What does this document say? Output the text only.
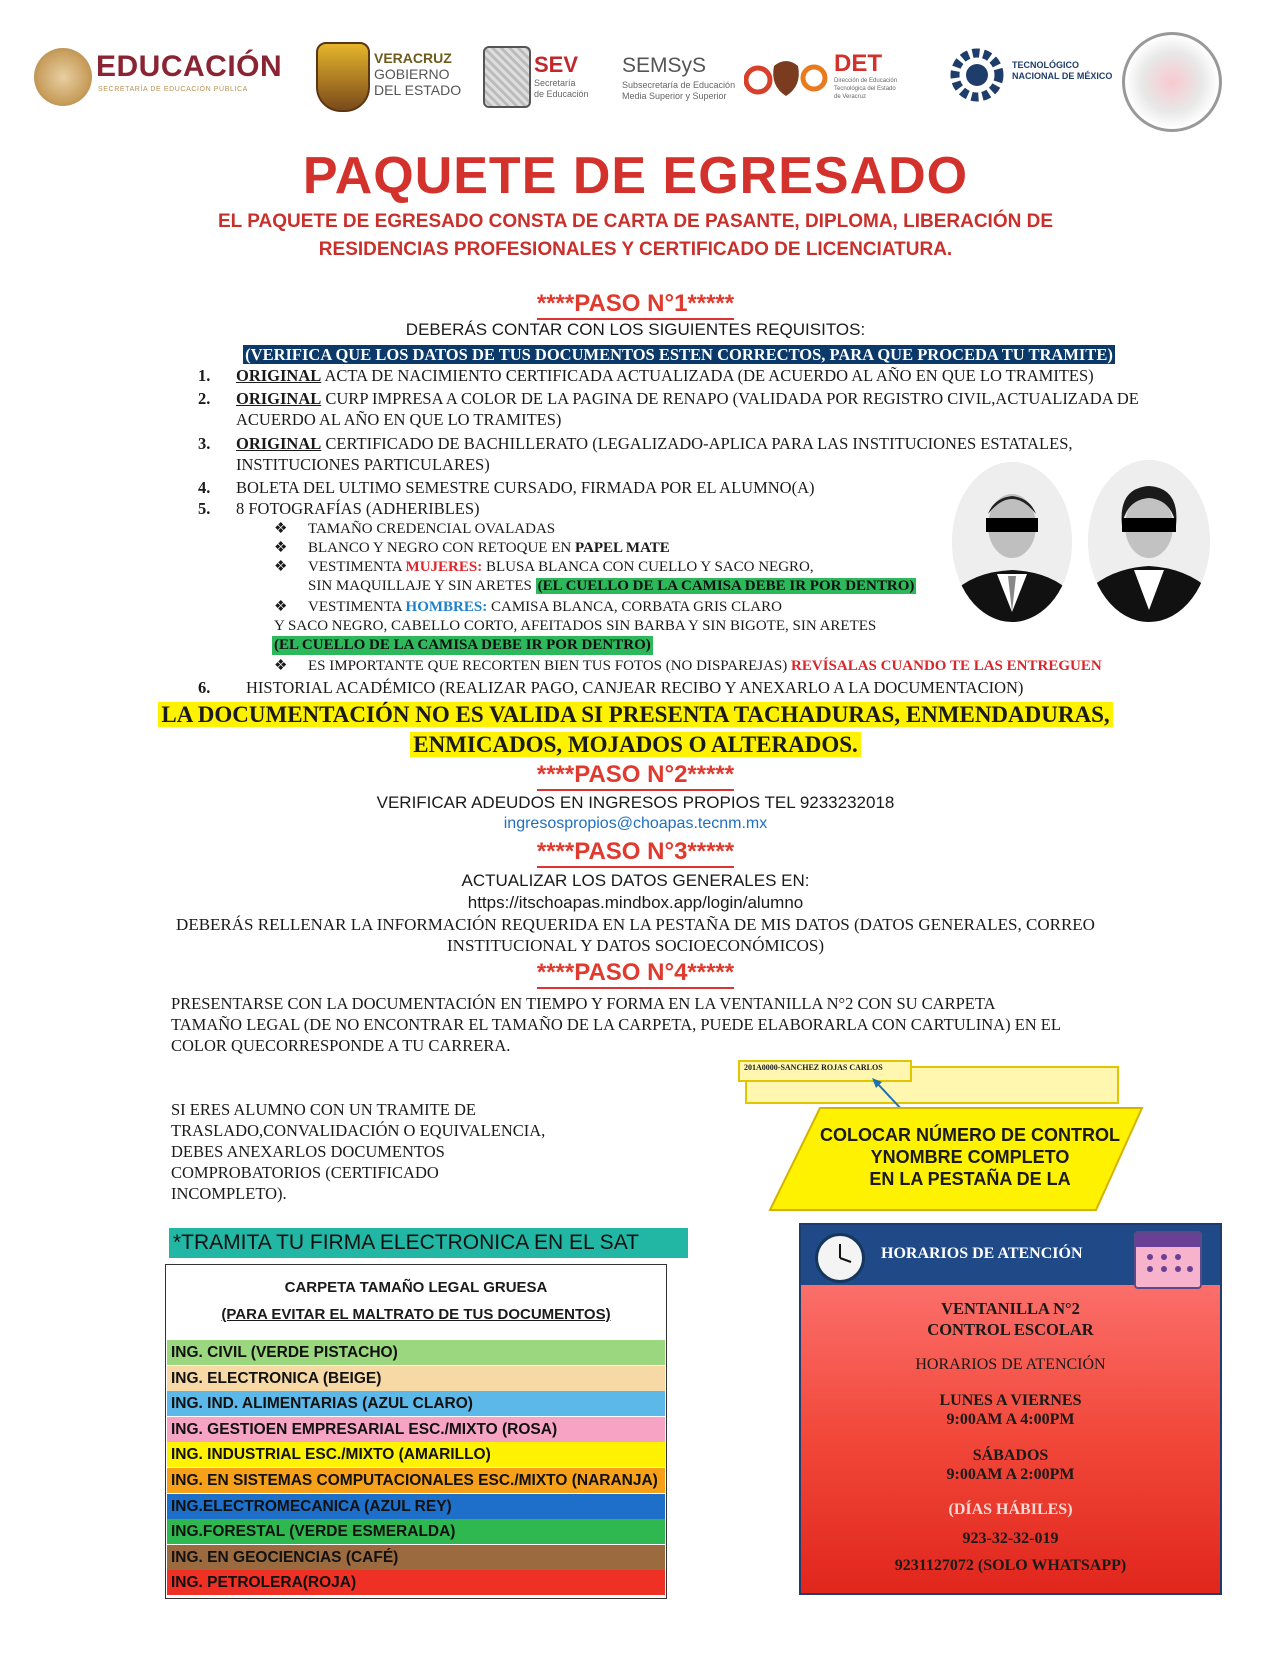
EDUCACIÓN
SECRETARÍA DE EDUCACIÓN PÚBLICA
VERACRUZ
GOBIERNO
DEL ESTADO
SEV
Secretaría
de Educación
SEMSyS
Subsecretaría de Educación
Media Superior y Superior
DET
Dirección de Educación
Tecnológica del Estado
de Veracruz
TECNOLÓGICO
NACIONAL DE MÉXICO
PAQUETE DE EGRESADO
EL PAQUETE DE EGRESADO CONSTA DE CARTA DE PASANTE, DIPLOMA, LIBERACIÓN DE
RESIDENCIAS PROFESIONALES Y CERTIFICADO DE LICENCIATURA.
****PASO N°1*****
DEBERÁS CONTAR CON LOS SIGUIENTES REQUISITOS:
(VERIFICA QUE LOS DATOS DE TUS DOCUMENTOS ESTEN CORRECTOS, PARA QUE PROCEDA TU TRAMITE)
1.	ORIGINAL ACTA DE NACIMIENTO CERTIFICADA ACTUALIZADA (DE ACUERDO AL AÑO EN QUE LO TRAMITES)
2.	ORIGINAL CURP IMPRESA A COLOR DE LA PAGINA DE RENAPO (VALIDADA POR REGISTRO CIVIL,ACTUALIZADA DE
ACUERDO AL AÑO EN QUE LO TRAMITES)
3.	ORIGINAL CERTIFICADO DE BACHILLERATO (LEGALIZADO-APLICA PARA LAS INSTITUCIONES ESTATALES,
INSTITUCIONES PARTICULARES)
4.	BOLETA DEL ULTIMO SEMESTRE CURSADO, FIRMADA POR EL ALUMNO(A)
5.	8 FOTOGRAFÍAS (ADHERIBLES)
❖ TAMAÑO CREDENCIAL OVALADAS
❖ BLANCO Y NEGRO CON RETOQUE EN PAPEL MATE
❖ VESTIMENTA MUJERES: BLUSA BLANCA CON CUELLO Y SACO NEGRO,
SIN MAQUILLAJE Y SIN ARETES (EL CUELLO DE LA CAMISA DEBE IR POR DENTRO)
❖ VESTIMENTA HOMBRES: CAMISA BLANCA, CORBATA GRIS CLARO
Y SACO NEGRO, CABELLO CORTO, AFEITADOS SIN BARBA Y SIN BIGOTE, SIN ARETES
(EL CUELLO DE LA CAMISA DEBE IR POR DENTRO)
❖ ES IMPORTANTE QUE RECORTEN BIEN TUS FOTOS (NO DISPAREJAS) REVÍSALAS CUANDO TE LAS ENTREGUEN
6.	HISTORIAL ACADÉMICO (REALIZAR PAGO, CANJEAR RECIBO Y ANEXARLO A LA DOCUMENTACION)
LA DOCUMENTACIÓN NO ES VALIDA SI PRESENTA TACHADURAS, ENMENDADURAS,
ENMICADOS, MOJADOS O ALTERADOS.
****PASO N°2*****
VERIFICAR ADEUDOS EN INGRESOS PROPIOS TEL 9233232018
ingresospropios@choapas.tecnm.mx
****PASO N°3*****
ACTUALIZAR LOS DATOS GENERALES EN:
https://itschoapas.mindbox.app/login/alumno
DEBERÁS RELLENAR LA INFORMACIÓN REQUERIDA EN LA PESTAÑA DE MIS DATOS (DATOS GENERALES, CORREO
INSTITUCIONAL Y DATOS SOCIOECONÓMICOS)
****PASO N°4*****
PRESENTARSE CON LA DOCUMENTACIÓN EN TIEMPO Y FORMA EN LA VENTANILLA N°2 CON SU CARPETA
TAMAÑO LEGAL (DE NO ENCONTRAR EL TAMAÑO DE LA CARPETA, PUEDE ELABORARLA CON CARTULINA) EN EL
COLOR QUECORRESPONDE A TU CARRERA.
SI ERES ALUMNO CON UN TRAMITE DE
TRASLADO,CONVALIDACIÓN O EQUIVALENCIA,
DEBES ANEXARLOS DOCUMENTOS
COMPROBATORIOS (CERTIFICADO
INCOMPLETO).
201A0000-SANCHEZ ROJAS CARLOS
COLOCAR NÚMERO DE CONTROL
YNOMBRE COMPLETO
EN LA PESTAÑA DE LA
*TRAMITA TU FIRMA ELECTRONICA EN EL SAT
CARPETA TAMAÑO LEGAL GRUESA
(PARA EVITAR EL MALTRATO DE TUS DOCUMENTOS)
ING. CIVIL (VERDE PISTACHO)
ING. ELECTRONICA (BEIGE)
ING. IND. ALIMENTARIAS (AZUL CLARO)
ING. GESTIOEN EMPRESARIAL ESC./MIXTO (ROSA)
ING. INDUSTRIAL ESC./MIXTO (AMARILLO)
ING. EN SISTEMAS COMPUTACIONALES ESC./MIXTO (NARANJA)
ING.ELECTROMECANICA (AZUL REY)
ING.FORESTAL (VERDE ESMERALDA)
ING. EN GEOCIENCIAS (CAFÉ)
ING. PETROLERA(ROJA)
HORARIOS DE ATENCIÓN
VENTANILLA N°2
CONTROL ESCOLAR
HORARIOS DE ATENCIÓN
LUNES A VIERNES
9:00AM A 4:00PM
SÁBADOS
9:00AM A 2:00PM
(DÍAS HÁBILES)
923-32-32-019
9231127072 (SOLO WHATSAPP)
